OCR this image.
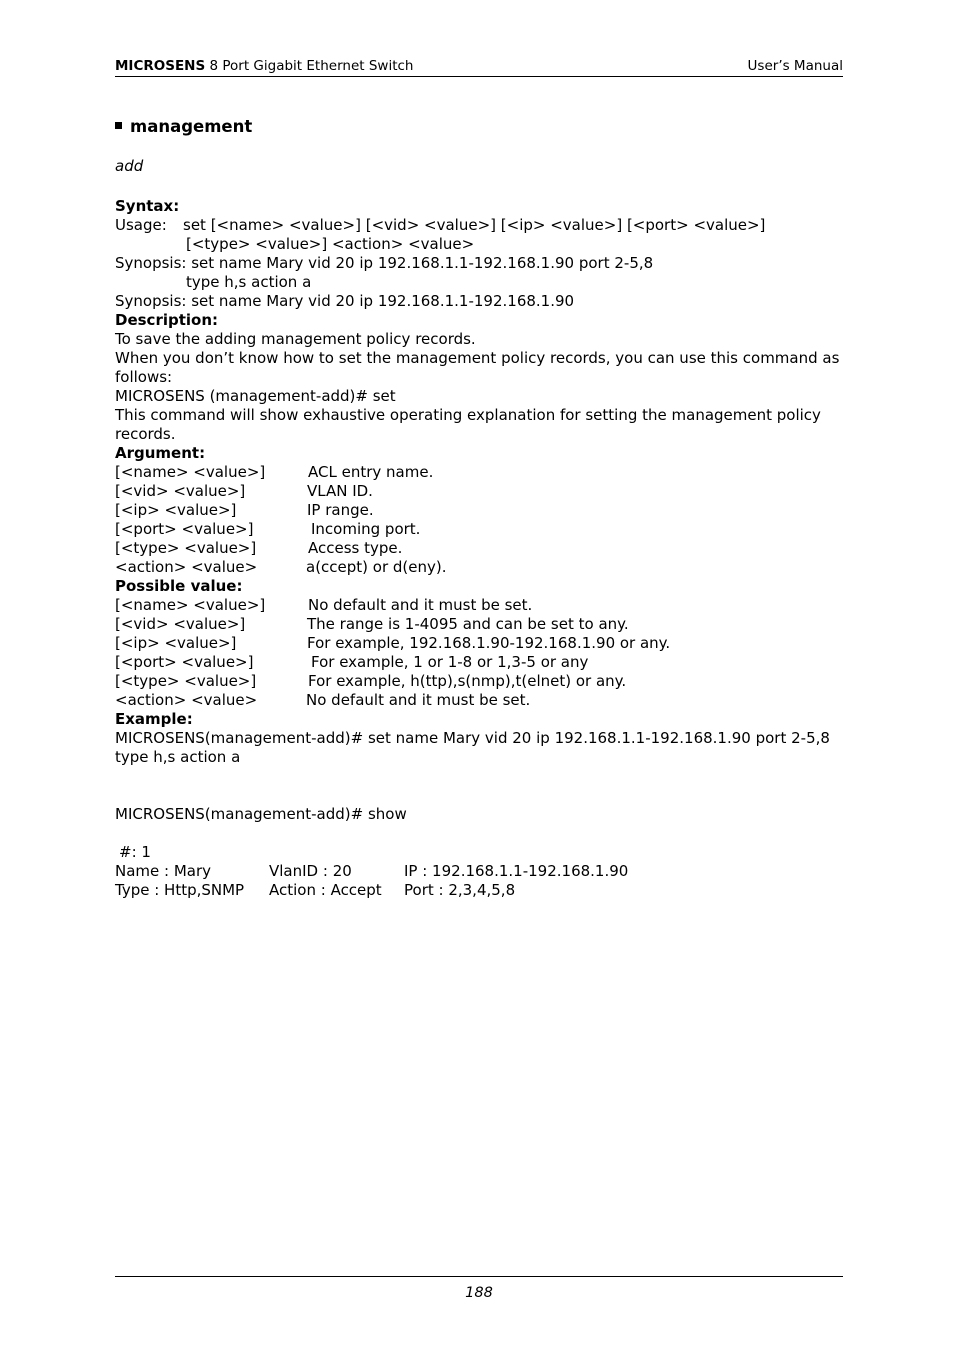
MICROSENS 8 Port Gigabit Ethernet Switch	User’s Manual
management
add
Syntax:
Usage: set [<name> <value>] [<vid> <value>] [<ip> <value>] [<port> <value>]
[<type> <value>] <action> <value>
Synopsis: set name Mary vid 20 ip 192.168.1.1-192.168.1.90 port 2-5,8
type h,s action a
Synopsis: set name Mary vid 20 ip 192.168.1.1-192.168.1.90
Description:
To save the adding management policy records.
When you don’t know how to set the management policy records, you can use this command as follows:
MICROSENS (management-add)# set
This command will show exhaustive operating explanation for setting the management policy records.
Argument:
[<name> <value>]	ACL entry name.
[<vid> <value>]	VLAN ID.
[<ip> <value>]	IP range.
[<port> <value>]	Incoming port.
[<type> <value>]	Access type.
<action> <value>	a(ccept) or d(eny).
Possible value:
[<name> <value>]	No default and it must be set.
[<vid> <value>]	The range is 1-4095 and can be set to any.
[<ip> <value>]	For example, 192.168.1.90-192.168.1.90 or any.
[<port> <value>]	For example, 1 or 1-8 or 1,3-5 or any
[<type> <value>]	For example, h(ttp),s(nmp),t(elnet) or any.
<action> <value>	No default and it must be set.
Example:
MICROSENS(management-add)# set name Mary vid 20 ip 192.168.1.1-192.168.1.90 port 2-5,8
type h,s action a
MICROSENS(management-add)# show
#: 1
Name : Mary	VlanID : 20	IP : 192.168.1.1-192.168.1.90
Type : Http,SNMP Action : Accept Port : 2,3,4,5,8
188
